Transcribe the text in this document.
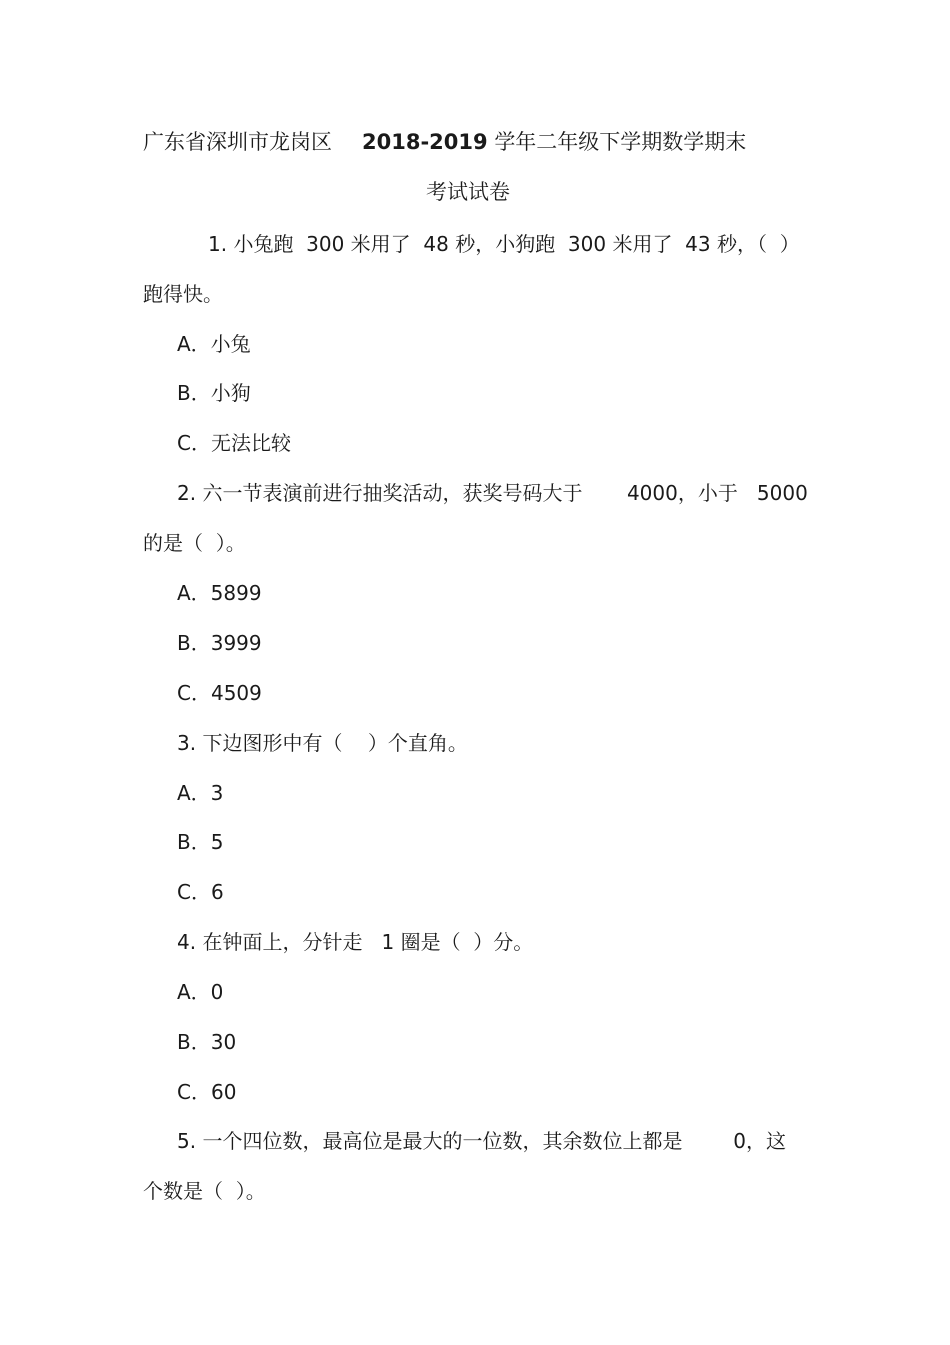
广东省深圳市龙岗区 2018-2019 学年二年级下学期数学期末
考试试卷
1. 小兔跑  300 米用了  48 秒，小狗跑  300 米用了  43 秒，（  ）
跑得快。
A．小兔
B．小狗
C．无法比较
2. 六一节表演前进行抽奖活动，获奖号码大于       4000，小于   5000
的是（  ）。
A．5899
B．3999
C．4509
3. 下边图形中有（    ）个直角。
A．3
B．5
C．6
4. 在钟面上，分针走   1 圈是（  ）分。
A．0
B．30
C．60
5. 一个四位数，最高位是最大的一位数，其余数位上都是        0，这
个数是（  ）。
